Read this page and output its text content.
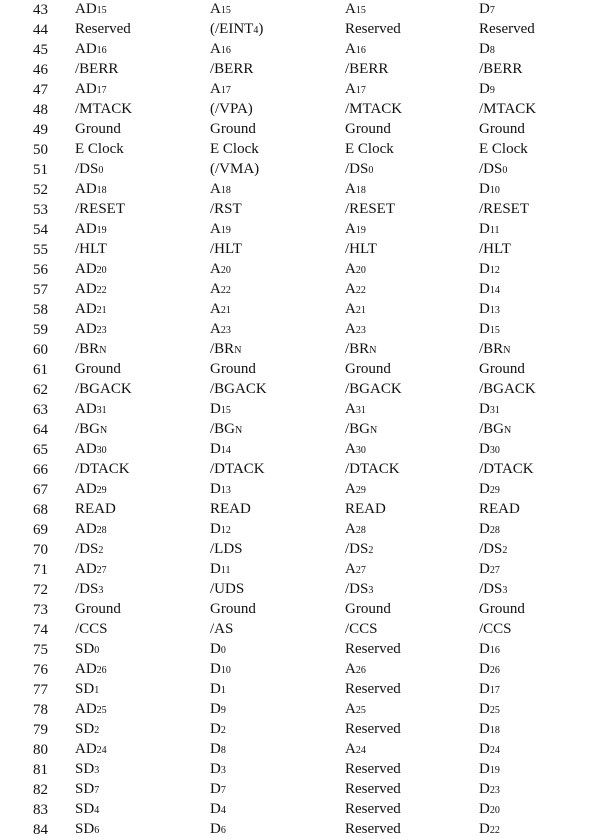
43	AD15	A15	A15	D7
44	Reserved	(/EINT4)	Reserved	Reserved
45	AD16	A16	A16	D8
46	/BERR	/BERR	/BERR	/BERR
47	AD17	A17	A17	D9
48	/MTACK	(/VPA)	/MTACK	/MTACK
49	Ground	Ground	Ground	Ground
50	E Clock	E Clock	E Clock	E Clock
51	/DS0	(/VMA)	/DS0	/DS0
52	AD18	A18	A18	D10
53	/RESET	/RST	/RESET	/RESET
54	AD19	A19	A19	D11
55	/HLT	/HLT	/HLT	/HLT
56	AD20	A20	A20	D12
57	AD22	A22	A22	D14
58	AD21	A21	A21	D13
59	AD23	A23	A23	D15
60	/BRN	/BRN	/BRN	/BRN
61	Ground	Ground	Ground	Ground
62	/BGACK	/BGACK	/BGACK	/BGACK
63	AD31	D15	A31	D31
64	/BGN	/BGN	/BGN	/BGN
65	AD30	D14	A30	D30
66	/DTACK	/DTACK	/DTACK	/DTACK
67	AD29	D13	A29	D29
68	READ	READ	READ	READ
69	AD28	D12	A28	D28
70	/DS2	/LDS	/DS2	/DS2
71	AD27	D11	A27	D27
72	/DS3	/UDS	/DS3	/DS3
73	Ground	Ground	Ground	Ground
74	/CCS	/AS	/CCS	/CCS
75	SD0	D0	Reserved	D16
76	AD26	D10	A26	D26
77	SD1	D1	Reserved	D17
78	AD25	D9	A25	D25
79	SD2	D2	Reserved	D18
80	AD24	D8	A24	D24
81	SD3	D3	Reserved	D19
82	SD7	D7	Reserved	D23
83	SD4	D4	Reserved	D20
84	SD6	D6	Reserved	D22
